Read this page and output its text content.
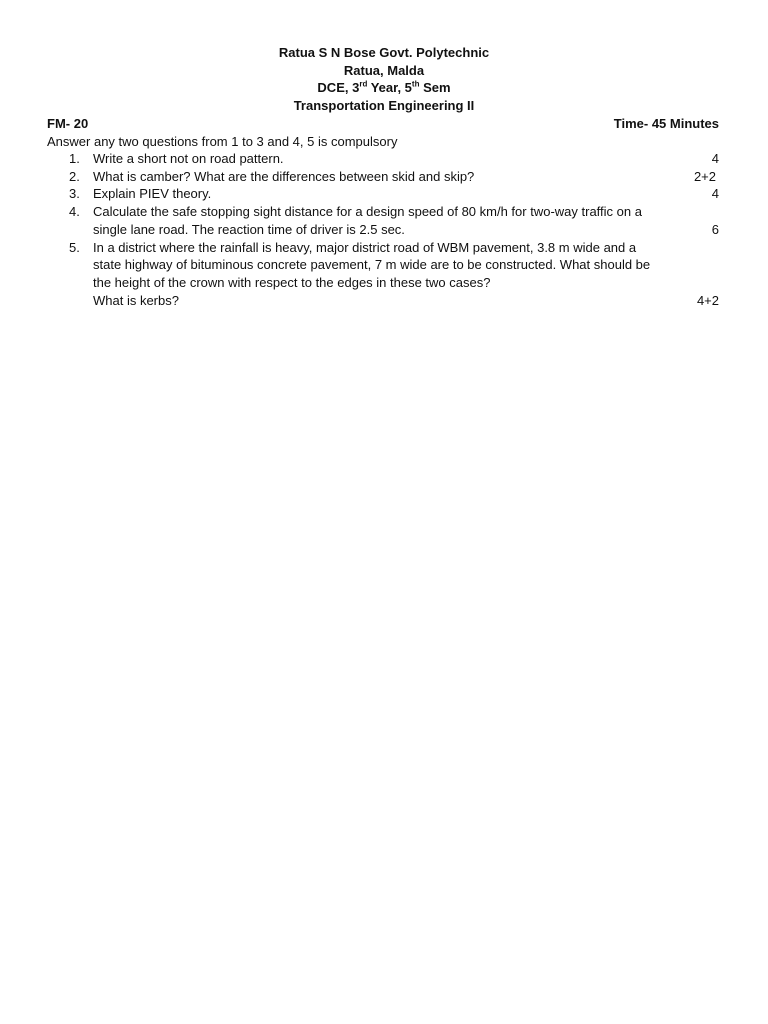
Ratua S N Bose Govt. Polytechnic
Ratua, Malda
DCE, 3rd Year, 5th Sem
Transportation Engineering II
FM- 20	Time- 45 Minutes
Answer any two questions from 1 to 3 and 4, 5 is compulsory
1. Write a short not on road pattern.	4
2. What is camber? What are the differences between skid and skip?	2+2
3. Explain PIEV theory.	4
4. Calculate the safe stopping sight distance for a design speed of 80 km/h for two-way traffic on a
single lane road. The reaction time of driver is 2.5 sec.	6
5. In a district where the rainfall is heavy, major district road of WBM pavement, 3.8 m wide and a
state highway of bituminous concrete pavement, 7 m wide are to be constructed. What should be
the height of the crown with respect to the edges in these two cases?
What is kerbs?	4+2
